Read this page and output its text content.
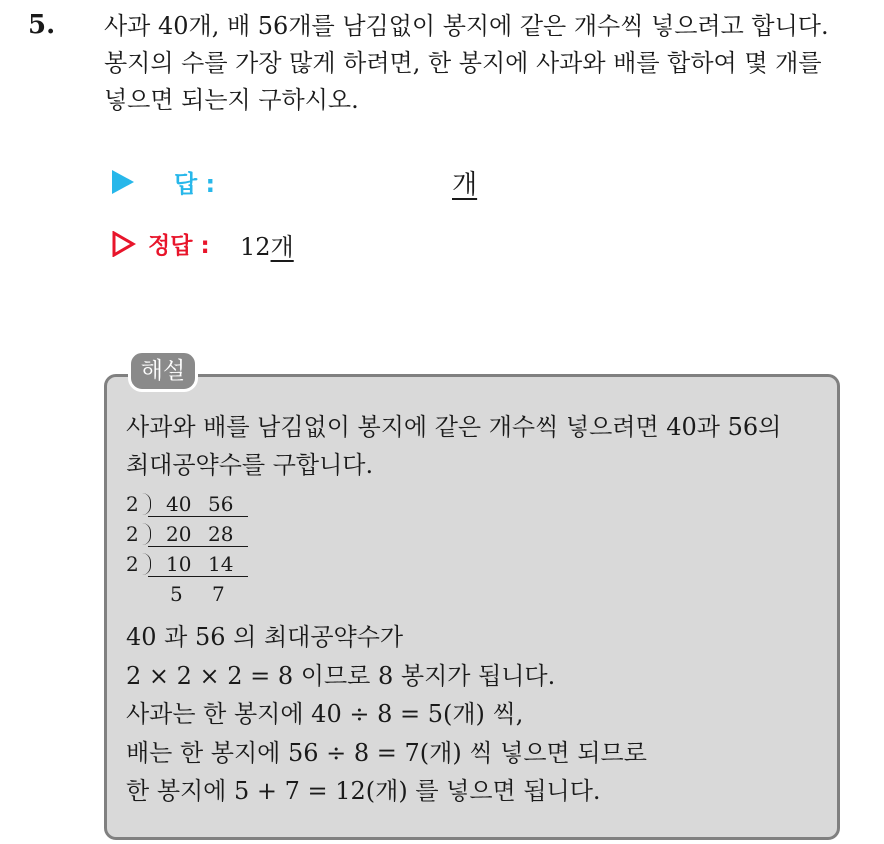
5. 사과 40개, 배 56개를 남김없이 봉지에 같은 개수씩 넣으려고 합니다.
봉지의 수를 가장 많게 하려면, 한 봉지에 사과와 배를 합하여 몇 개를
넣으면 되는지 구하시오.
답 :	개
정답 : 12개
해설
사과와 배를 남김없이 봉지에 같은 개수씩 넣으려면 40과 56의
최대공약수를 구합니다.
2 40 56
2 20 28
2 10 14
5 7
40 과 56 의 최대공약수가
2 × 2 × 2 = 8 이므로 8 봉지가 됩니다.
사과는 한 봉지에 40 ÷ 8 = 5(개) 씩,
배는 한 봉지에 56 ÷ 8 = 7(개) 씩 넣으면 되므로
한 봉지에 5 + 7 = 12(개) 를 넣으면 됩니다.
